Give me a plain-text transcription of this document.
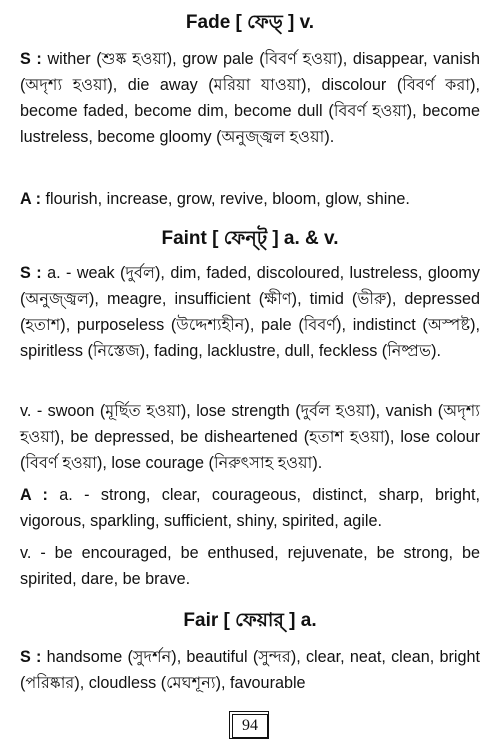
Fade [ ফেড্ ] v.

S : wither (শুষ্ক হওয়া), grow pale (বিবর্ণ হওয়া), disappear, vanish (অদৃশ্য হওয়া), die away (মরিয়া যাওয়া), discolour (বিবর্ণ করা), become faded, become dim, become dull (বিবর্ণ হওয়া), become lustreless, become gloomy (অনুজ্জ্বল হওয়া).

A : flourish, increase, grow, revive, bloom, glow, shine.

Faint [ ফেন্ট্ ] a. & v.

S : a. - weak (দুর্বল), dim, faded, discoloured, lustreless, gloomy (অনুজ্জ্বল), meagre, insufficient (ক্ষীণ), timid (ভীরু), depressed (হতাশ), purposeless (উদ্দেশ্যহীন), pale (বিবর্ণ), indistinct (অস্পষ্ট), spiritless (নিস্তেজ), fading, lacklustre, dull, feckless (নিষ্প্রভ).

v. - swoon (মূর্ছিত হওয়া), lose strength (দুর্বল হওয়া), vanish (অদৃশ্য হওয়া), be depressed, be disheartened (হতাশ হওয়া), lose colour (বিবর্ণ হওয়া), lose courage (নিরুৎসাহ হওয়া).

A : a. - strong, clear, courageous, distinct, sharp, bright, vigorous, sparkling, sufficient, shiny, spirited, agile.

v. - be encouraged, be enthused, rejuvenate, be strong, be spirited, dare, be brave.

Fair [ ফেয়ার্ ] a.

S : handsome (সুদর্শন), beautiful (সুন্দর), clear, neat, clean, bright (পরিষ্কার), cloudless (মেঘশূন্য), favourable

94
